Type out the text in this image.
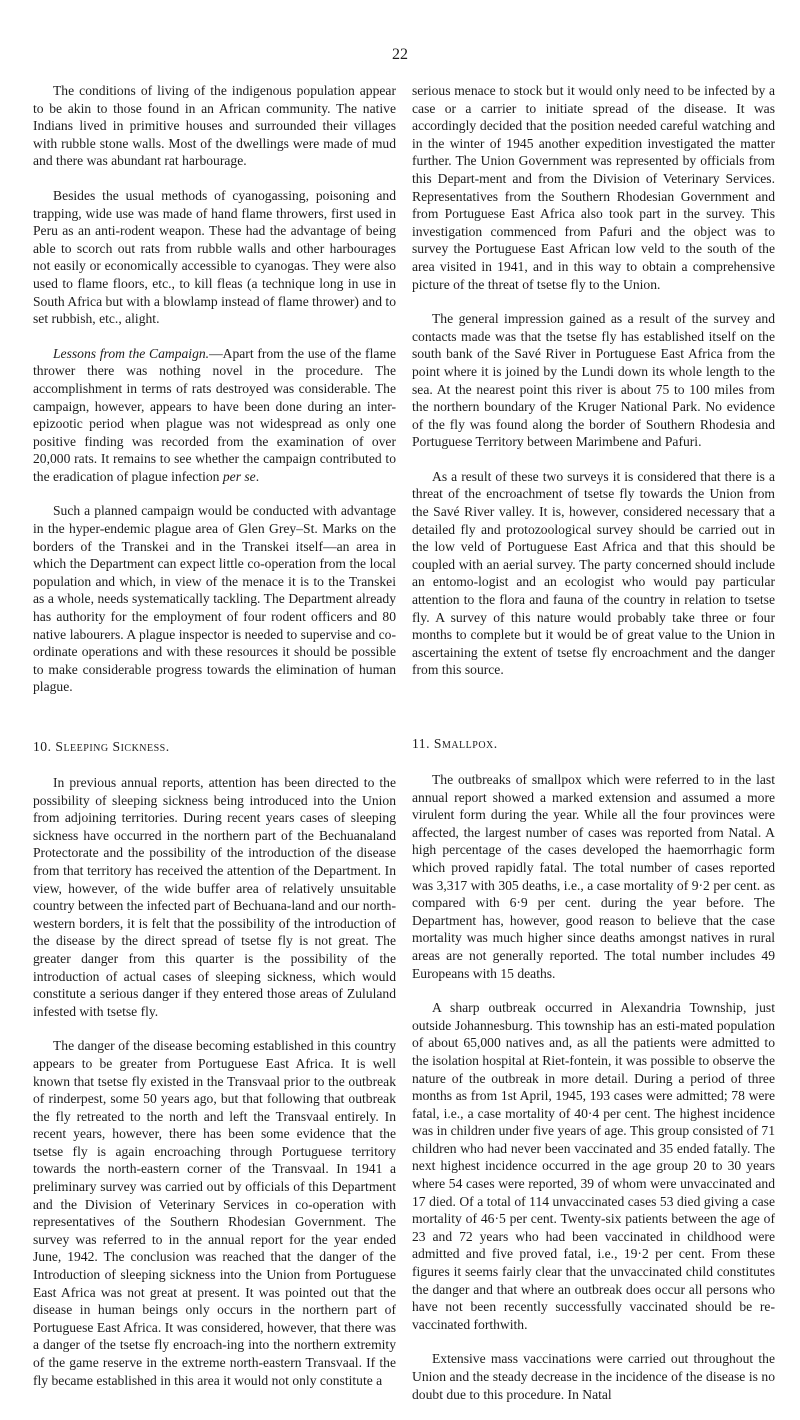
22

The conditions of living of the indigenous population appear to be akin to those found in an African community. The native Indians lived in primitive houses and surrounded their villages with rubble stone walls. Most of the dwellings were made of mud and there was abundant rat harbourage.

Besides the usual methods of cyanogassing, poisoning and trapping, wide use was made of hand flame throwers, first used in Peru as an anti-rodent weapon. These had the advantage of being able to scorch out rats from rubble walls and other harbourages not easily or economically accessible to cyanogas. They were also used to flame floors, etc., to kill fleas (a technique long in use in South Africa but with a blowlamp instead of flame thrower) and to set rubbish, etc., alight.

Lessons from the Campaign.—Apart from the use of the flame thrower there was nothing novel in the procedure. The accomplishment in terms of rats destroyed was considerable. The campaign, however, appears to have been done during an inter-epizootic period when plague was not widespread as only one positive finding was recorded from the examination of over 20,000 rats. It remains to see whether the campaign contributed to the eradication of plague infection per se.

Such a planned campaign would be conducted with advantage in the hyper-endemic plague area of Glen Grey–St. Marks on the borders of the Transkei and in the Transkei itself—an area in which the Department can expect little co-operation from the local population and which, in view of the menace it is to the Transkei as a whole, needs systematically tackling. The Department already has authority for the employment of four rodent officers and 80 native labourers. A plague inspector is needed to supervise and co-ordinate operations and with these resources it should be possible to make considerable progress towards the elimination of human plague.

10. Sleeping Sickness.

In previous annual reports, attention has been directed to the possibility of sleeping sickness being introduced into the Union from adjoining territories. During recent years cases of sleeping sickness have occurred in the northern part of the Bechuanaland Protectorate and the possibility of the introduction of the disease from that territory has received the attention of the Department. In view, however, of the wide buffer area of relatively unsuitable country between the infected part of Bechuana-land and our north-western borders, it is felt that the possibility of the introduction of the disease by the direct spread of tsetse fly is not great. The greater danger from this quarter is the possibility of the introduction of actual cases of sleeping sickness, which would constitute a serious danger if they entered those areas of Zululand infested with tsetse fly.

The danger of the disease becoming established in this country appears to be greater from Portuguese East Africa. It is well known that tsetse fly existed in the Transvaal prior to the outbreak of rinderpest, some 50 years ago, but that following that outbreak the fly retreated to the north and left the Transvaal entirely. In recent years, however, there has been some evidence that the tsetse fly is again encroaching through Portuguese territory towards the north-eastern corner of the Transvaal. In 1941 a preliminary survey was carried out by officials of this Department and the Division of Veterinary Services in co-operation with representatives of the Southern Rhodesian Government. The survey was referred to in the annual report for the year ended June, 1942. The conclusion was reached that the danger of the Introduction of sleeping sickness into the Union from Portuguese East Africa was not great at present. It was pointed out that the disease in human beings only occurs in the northern part of Portuguese East Africa. It was considered, however, that there was a danger of the tsetse fly encroach-ing into the northern extremity of the game reserve in the extreme north-eastern Transvaal. If the fly became established in this area it would not only constitute a

serious menace to stock but it would only need to be infected by a case or a carrier to initiate spread of the disease. It was accordingly decided that the position needed careful watching and in the winter of 1945 another expedition investigated the matter further. The Union Government was represented by officials from this Depart-ment and from the Division of Veterinary Services. Representatives from the Southern Rhodesian Government and from Portuguese East Africa also took part in the survey. This investigation commenced from Pafuri and the object was to survey the Portuguese East African low veld to the south of the area visited in 1941, and in this way to obtain a comprehensive picture of the threat of tsetse fly to the Union.

The general impression gained as a result of the survey and contacts made was that the tsetse fly has established itself on the south bank of the Savé River in Portuguese East Africa from the point where it is joined by the Lundi down its whole length to the sea. At the nearest point this river is about 75 to 100 miles from the northern boundary of the Kruger National Park. No evidence of the fly was found along the border of Southern Rhodesia and Portuguese Territory between Marimbene and Pafuri.

As a result of these two surveys it is considered that there is a threat of the encroachment of tsetse fly towards the Union from the Savé River valley. It is, however, considered necessary that a detailed fly and protozoological survey should be carried out in the low veld of Portuguese East Africa and that this should be coupled with an aerial survey. The party concerned should include an entomo-logist and an ecologist who would pay particular attention to the flora and fauna of the country in relation to tsetse fly. A survey of this nature would probably take three or four months to complete but it would be of great value to the Union in ascertaining the extent of tsetse fly encroachment and the danger from this source.

11. Smallpox.

The outbreaks of smallpox which were referred to in the last annual report showed a marked extension and assumed a more virulent form during the year. While all the four provinces were affected, the largest number of cases was reported from Natal. A high percentage of the cases developed the haemorrhagic form which proved rapidly fatal. The total number of cases reported was 3,317 with 305 deaths, i.e., a case mortality of 9·2 per cent. as compared with 6·9 per cent. during the year before. The Department has, however, good reason to believe that the case mortality was much higher since deaths amongst natives in rural areas are not generally reported. The total number includes 49 Europeans with 15 deaths.

A sharp outbreak occurred in Alexandria Township, just outside Johannesburg. This township has an esti-mated population of about 65,000 natives and, as all the patients were admitted to the isolation hospital at Riet-fontein, it was possible to observe the nature of the outbreak in more detail. During a period of three months as from 1st April, 1945, 193 cases were admitted; 78 were fatal, i.e., a case mortality of 40·4 per cent. The highest incidence was in children under five years of age. This group consisted of 71 children who had never been vaccinated and 35 ended fatally. The next highest incidence occurred in the age group 20 to 30 years where 54 cases were reported, 39 of whom were unvaccinated and 17 died. Of a total of 114 unvaccinated cases 53 died giving a case mortality of 46·5 per cent. Twenty-six patients between the age of 23 and 72 years who had been vaccinated in childhood were admitted and five proved fatal, i.e., 19·2 per cent. From these figures it seems fairly clear that the unvaccinated child constitutes the danger and that where an outbreak does occur all persons who have not been recently successfully vaccinated should be re-vaccinated forthwith.

Extensive mass vaccinations were carried out throughout the Union and the steady decrease in the incidence of the disease is no doubt due to this procedure. In Natal
